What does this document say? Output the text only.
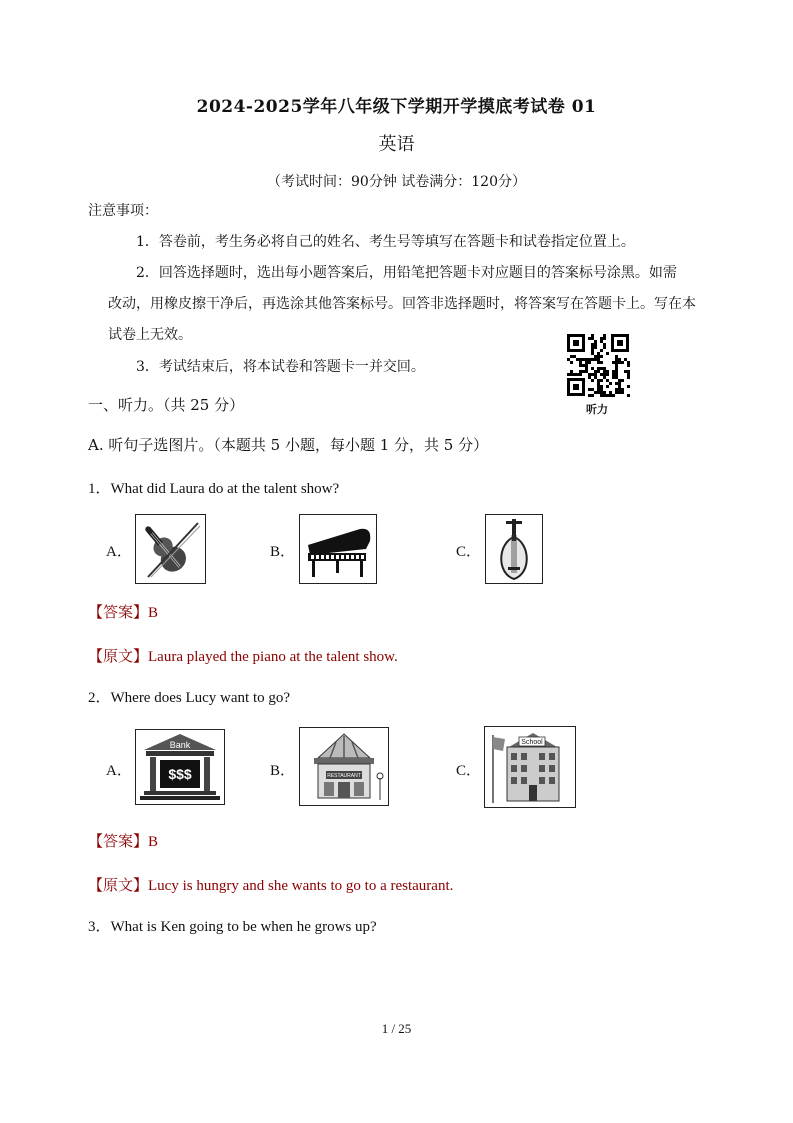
2024-2025学年八年级下学期开学摸底考试卷 01
英语
（考试时间：90分钟 试卷满分：120分）
注意事项：
1．答卷前，考生务必将自己的姓名、考生号等填写在答题卡和试卷指定位置上。
2．回答选择题时，选出每小题答案后，用铅笔把答题卡对应题目的答案标号涂黑。如需
改动，用橡皮擦干净后，再选涂其他答案标号。回答非选择题时，将答案写在答题卡上。写在本
试卷上无效。
3．考试结束后，将本试卷和答题卡一并交回。
听力
一、听力。（共 25 分）
A. 听句子选图片。（本题共 5 小题，每小题 1 分，共 5 分）
1．What did Laura do at the talent show?
A．	B．	C．
【答案】B
【原文】Laura played the piano at the talent show.
2．Where does Lucy want to go?
A．
Bank
$$$	B．	RESTAURANT	C．
School
【答案】B
【原文】Lucy is hungry and she wants to go to a restaurant.
3．What is Ken going to be when he grows up?
1 / 25
